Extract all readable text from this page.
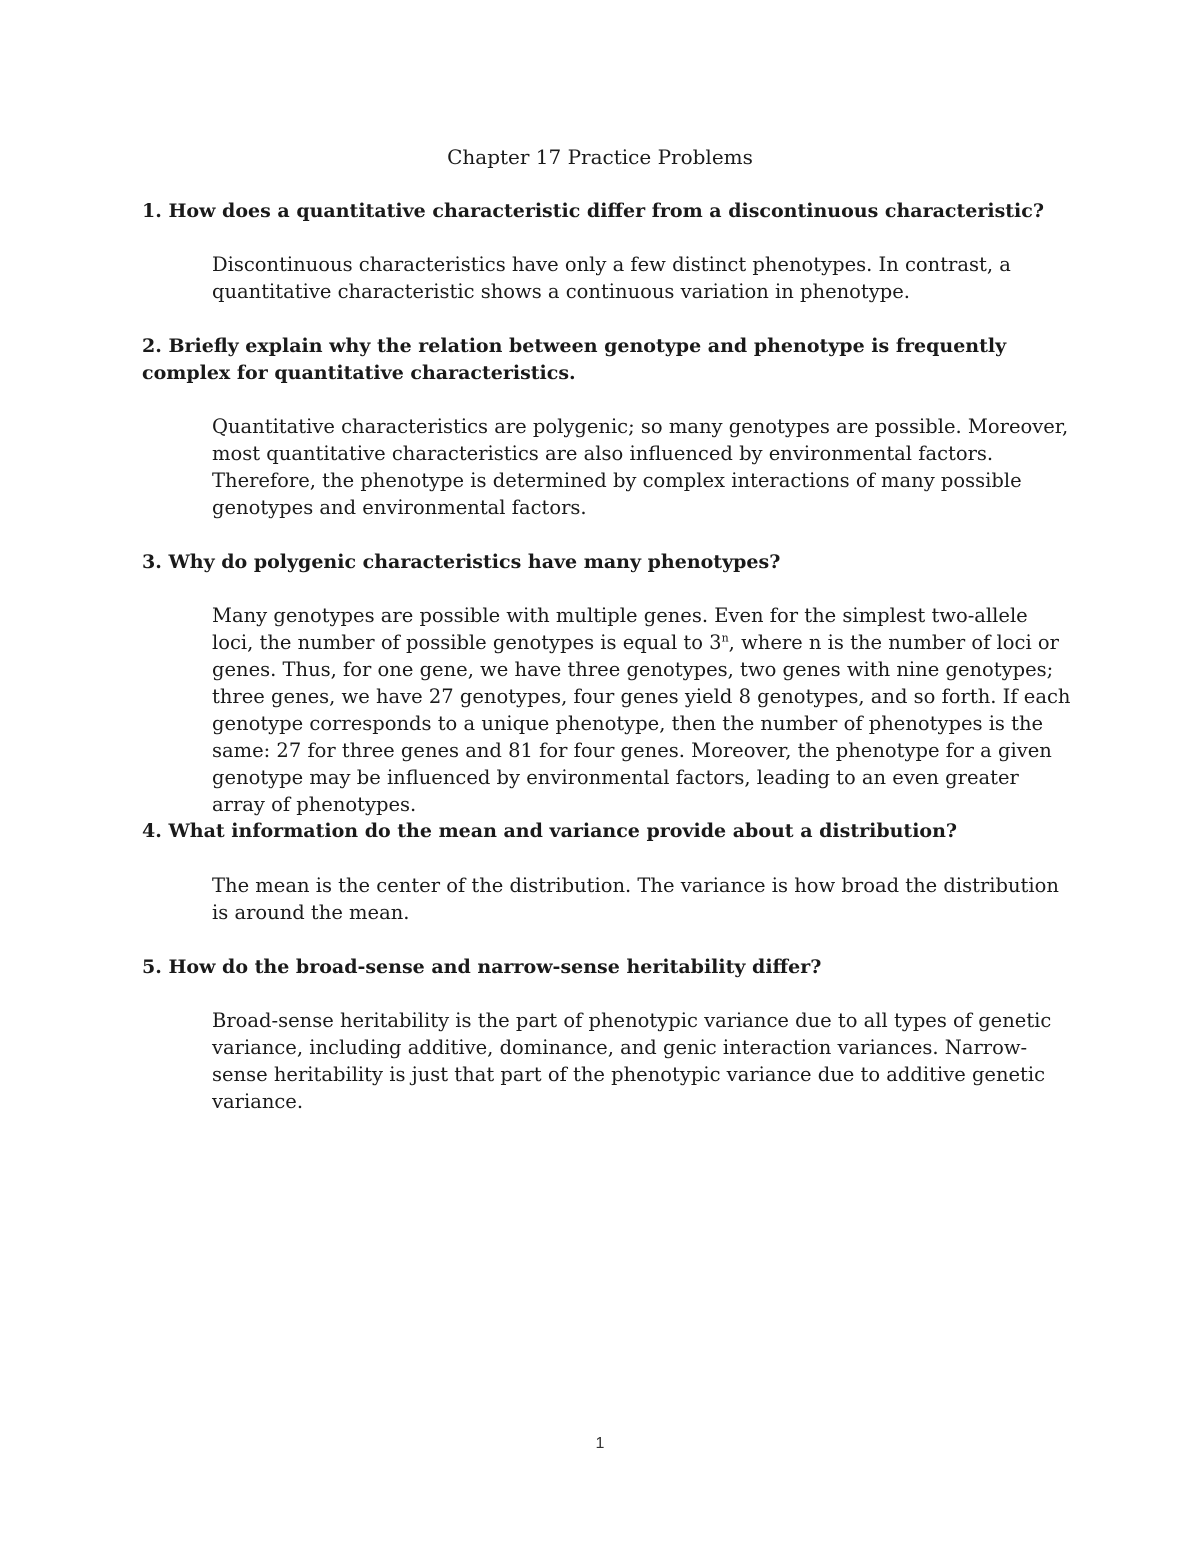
Chapter 17 Practice Problems

1. How does a quantitative characteristic differ from a discontinuous characteristic?

Discontinuous characteristics have only a few distinct phenotypes. In contrast, a quantitative characteristic shows a continuous variation in phenotype.

2. Briefly explain why the relation between genotype and phenotype is frequently complex for quantitative characteristics.

Quantitative characteristics are polygenic; so many genotypes are possible. Moreover, most quantitative characteristics are also influenced by environmental factors. Therefore, the phenotype is determined by complex interactions of many possible genotypes and environmental factors.

3. Why do polygenic characteristics have many phenotypes?

Many genotypes are possible with multiple genes. Even for the simplest two-allele loci, the number of possible genotypes is equal to 3$^n$, where n is the number of loci or genes. Thus, for one gene, we have three genotypes, two genes with nine genotypes; three genes, we have 27 genotypes, four genes yield 8 genotypes, and so forth. If each genotype corresponds to a unique phenotype, then the number of phenotypes is the same: 27 for three genes and 81 for four genes. Moreover, the phenotype for a given genotype may be influenced by environmental factors, leading to an even greater array of phenotypes.

4. What information do the mean and variance provide about a distribution?

The mean is the center of the distribution. The variance is how broad the distribution is around the mean.

5. How do the broad-sense and narrow-sense heritability differ?

Broad-sense heritability is the part of phenotypic variance due to all types of genetic variance, including additive, dominance, and genic interaction variances. Narrow-sense heritability is just that part of the phenotypic variance due to additive genetic variance.

1
